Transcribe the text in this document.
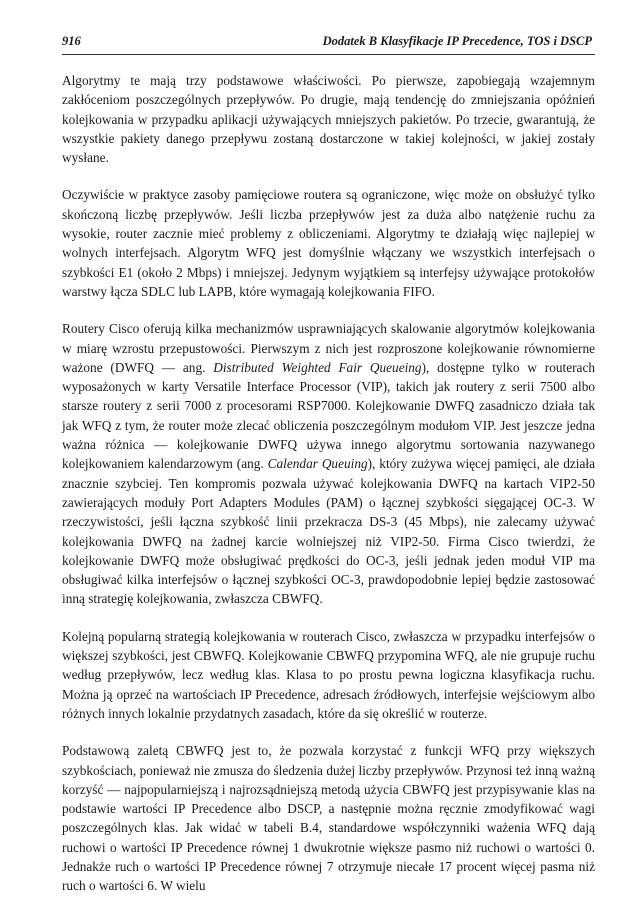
916	Dodatek B Klasyfikacje IP Precedence, TOS i DSCP

Algorytmy te mają trzy podstawowe właściwości. Po pierwsze, zapobiegają wzajemnym zakłóceniom poszczególnych przepływów. Po drugie, mają tendencję do zmniejszania opóźnień kolejkowania w przypadku aplikacji używających mniejszych pakietów. Po trzecie, gwarantują, że wszystkie pakiety danego przepływu zostaną dostarczone w takiej kolejności, w jakiej zostały wysłane.

Oczywiście w praktyce zasoby pamięciowe routera są ograniczone, więc może on obsłużyć tylko skończoną liczbę przepływów. Jeśli liczba przepływów jest za duża albo natężenie ruchu za wysokie, router zacznie mieć problemy z obliczeniami. Algorytmy te działają więc najlepiej w wolnych interfejsach. Algorytm WFQ jest domyślnie włączany we wszystkich interfejsach o szybkości E1 (około 2 Mbps) i mniejszej. Jedynym wyjątkiem są interfejsy używające protokołów warstwy łącza SDLC lub LAPB, które wymagają kolejkowania FIFO.

Routery Cisco oferują kilka mechanizmów usprawniających skalowanie algorytmów kolejkowania w miarę wzrostu przepustowości. Pierwszym z nich jest rozproszone kolejkowanie równomierne ważone (DWFQ — ang. Distributed Weighted Fair Queueing), dostępne tylko w routerach wyposażonych w karty Versatile Interface Processor (VIP), takich jak routery z serii 7500 albo starsze routery z serii 7000 z procesorami RSP7000. Kolejkowanie DWFQ zasadniczo działa tak jak WFQ z tym, że router może zlecać obliczenia poszczególnym modułom VIP. Jest jeszcze jedna ważna różnica — kolejkowanie DWFQ używa innego algorytmu sortowania nazywanego kolejkowaniem kalendarzowym (ang. Calendar Queuing), który zużywa więcej pamięci, ale działa znacznie szybciej. Ten kompromis pozwala używać kolejkowania DWFQ na kartach VIP2-50 zawierających moduły Port Adapters Modules (PAM) o łącznej szybkości sięgającej OC-3. W rzeczywistości, jeśli łączna szybkość linii przekracza DS-3 (45 Mbps), nie zalecamy używać kolejkowania DWFQ na żadnej karcie wolniejszej niż VIP2-50. Firma Cisco twierdzi, że kolejkowanie DWFQ może obsługiwać prędkości do OC-3, jeśli jednak jeden moduł VIP ma obsługiwać kilka interfejsów o łącznej szybkości OC-3, prawdopodobnie lepiej będzie zastosować inną strategię kolejkowania, zwłaszcza CBWFQ.

Kolejną popularną strategią kolejkowania w routerach Cisco, zwłaszcza w przypadku interfejsów o większej szybkości, jest CBWFQ. Kolejkowanie CBWFQ przypomina WFQ, ale nie grupuje ruchu według przepływów, lecz według klas. Klasa to po prostu pewna logiczna klasyfikacja ruchu. Można ją oprzeć na wartościach IP Precedence, adresach źródłowych, interfejsie wejściowym albo różnych innych lokalnie przydatnych zasadach, które da się określić w routerze.

Podstawową zaletą CBWFQ jest to, że pozwala korzystać z funkcji WFQ przy większych szybkościach, ponieważ nie zmusza do śledzenia dużej liczby przepływów. Przynosi też inną ważną korzyść — najpopularniejszą i najrozsądniejszą metodą użycia CBWFQ jest przypisywanie klas na podstawie wartości IP Precedence albo DSCP, a następnie można ręcznie zmodyfikować wagi poszczególnych klas. Jak widać w tabeli B.4, standardowe współczynniki ważenia WFQ dają ruchowi o wartości IP Precedence równej 1 dwukrotnie większe pasmo niż ruchowi o wartości 0. Jednakże ruch o wartości IP Precedence równej 7 otrzymuje niecałe 17 procent więcej pasma niż ruch o wartości 6. W wielu
